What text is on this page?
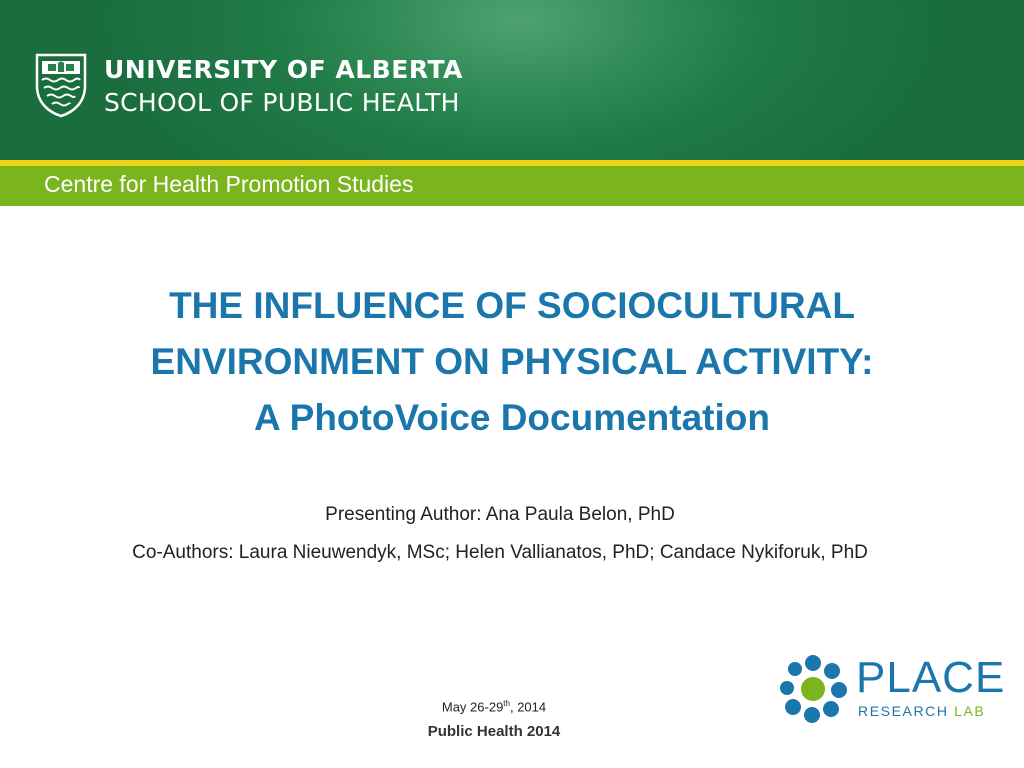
UNIVERSITY OF ALBERTA
SCHOOL OF PUBLIC HEALTH
Centre for Health Promotion Studies
THE INFLUENCE OF SOCIOCULTURAL
ENVIRONMENT ON PHYSICAL ACTIVITY:
A PhotoVoice Documentation
Presenting Author: Ana Paula Belon, PhD
Co-Authors: Laura Nieuwendyk, MSc; Helen Vallianatos, PhD; Candace Nykiforuk, PhD
May 26-29th, 2014
Public Health 2014
PLACE
RESEARCH LAB
